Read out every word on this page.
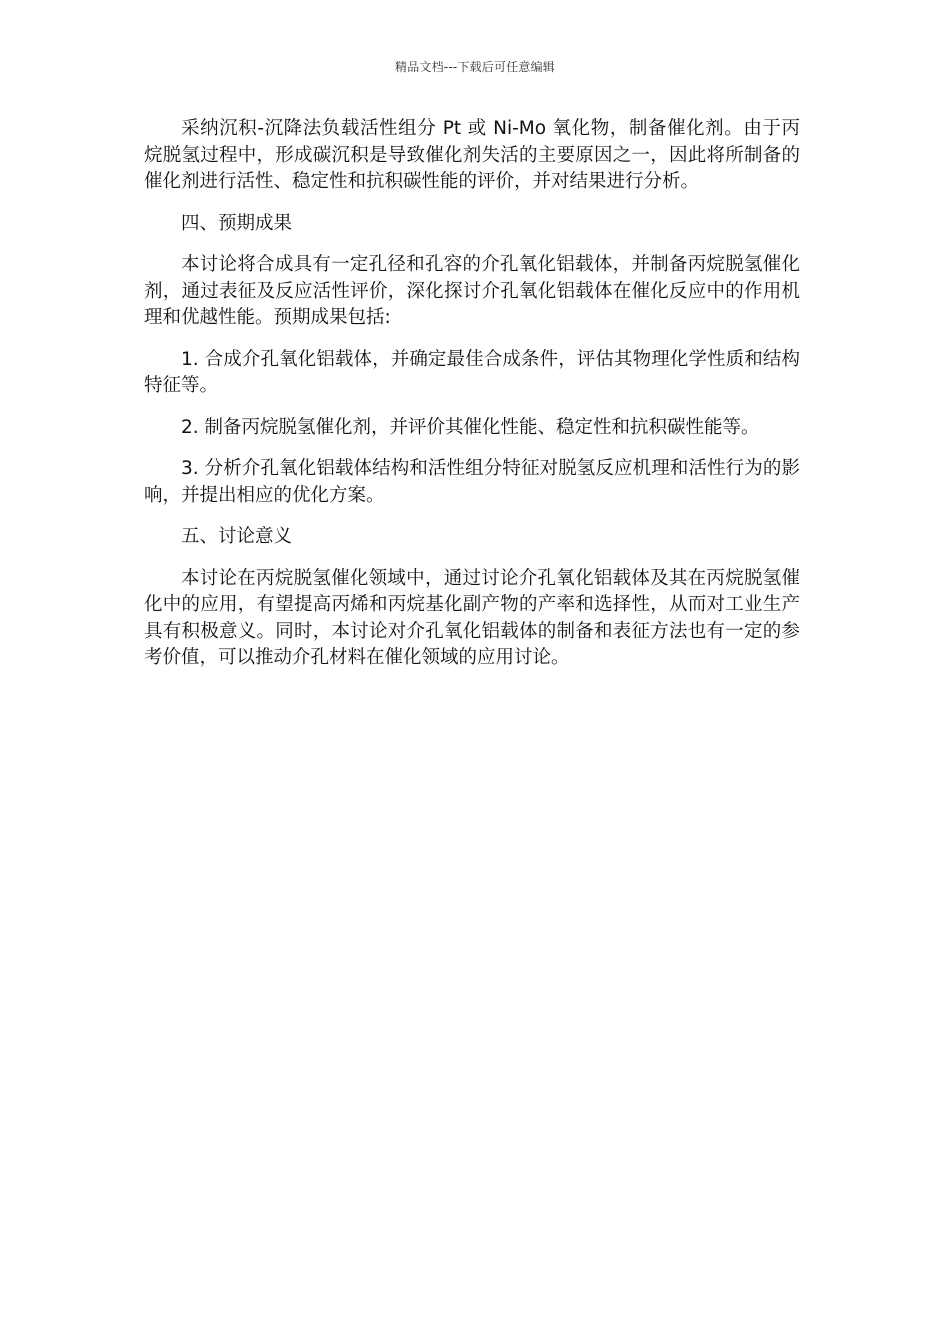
精品文档---下载后可任意编辑

采纳沉积-沉降法负载活性组分 Pt 或 Ni-Mo 氧化物，制备催化剂。由于丙烷脱氢过程中，形成碳沉积是导致催化剂失活的主要原因之一，因此将所制备的催化剂进行活性、稳定性和抗积碳性能的评价，并对结果进行分析。

四、预期成果

本讨论将合成具有一定孔径和孔容的介孔氧化铝载体，并制备丙烷脱氢催化剂，通过表征及反应活性评价，深化探讨介孔氧化铝载体在催化反应中的作用机理和优越性能。预期成果包括:

1. 合成介孔氧化铝载体，并确定最佳合成条件，评估其物理化学性质和结构特征等。

2. 制备丙烷脱氢催化剂，并评价其催化性能、稳定性和抗积碳性能等。

3. 分析介孔氧化铝载体结构和活性组分特征对脱氢反应机理和活性行为的影响，并提出相应的优化方案。

五、讨论意义

本讨论在丙烷脱氢催化领域中，通过讨论介孔氧化铝载体及其在丙烷脱氢催化中的应用，有望提高丙烯和丙烷基化副产物的产率和选择性，从而对工业生产具有积极意义。同时，本讨论对介孔氧化铝载体的制备和表征方法也有一定的参考价值，可以推动介孔材料在催化领域的应用讨论。
